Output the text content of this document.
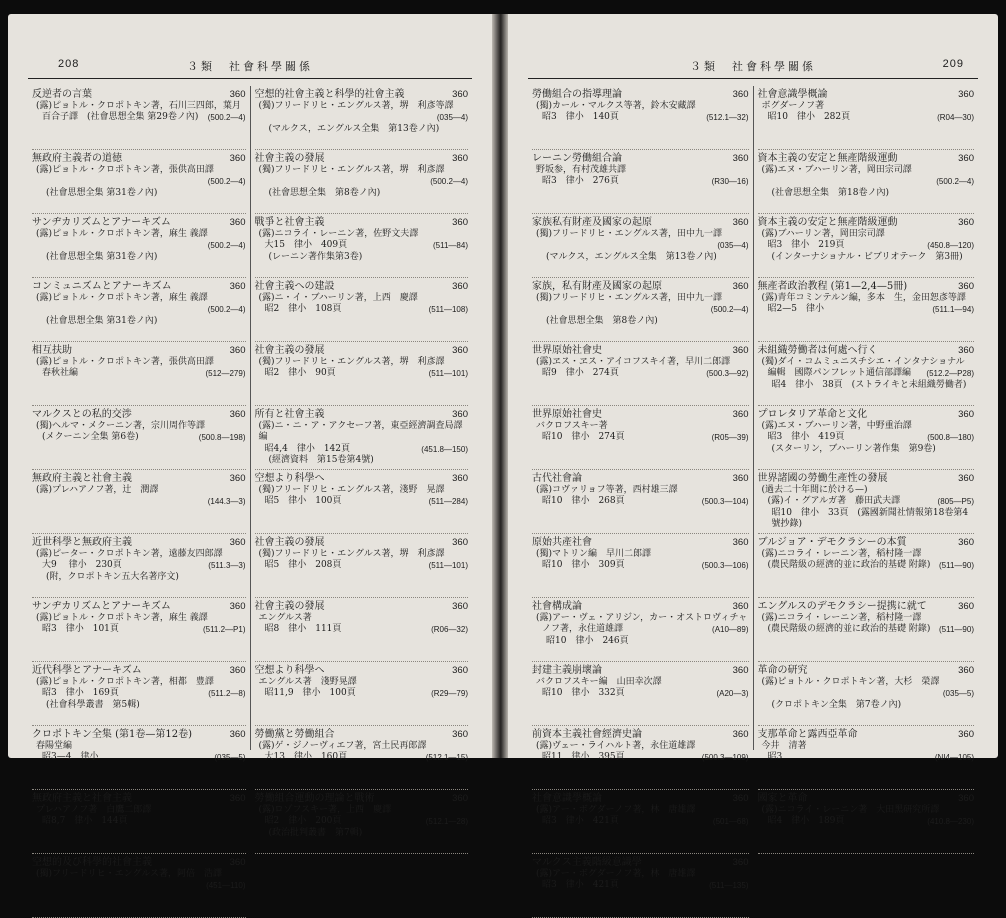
208	３類　社會科學關係
反逆者の言葉	360
(露)ピョトル・クロポトキン著，石川三四郎，葉月
百合子譯　(社會思想全集 第29卷ノ內) (500.2—4)
無政府主義者の道徳	360
(露)ピョトル・クロポトキン著，張供高田譯
(500.2—4)
(社會思想全集 第31卷ノ內)
サンヂカリズムとアナーキズム	360
(露)ピョトル・クロポトキン著，麻生 義譯
(500.2—4)
(社會思想全集 第31卷ノ內)
コンミュニズムとアナーキズム	360
(露)ピョトル・クロポトキン著，麻生 義譯
(500.2—4)
(社會思想全集 第31卷ノ內)
相互扶助	360
(露)ピョトル・クロポトキン著，張供高田譯
春秋社編	(512—279)
マルクスとの私的交渉	360
(獨)ヘルマ・メクーニン著，宗川周作等譯
(メクーニン全集 第6卷)	(500.8—198)
無政府主義と社會主義	360
(露)プレハアノフ著，辻　潤譯
(144.3—3)
近世科學と無政府主義	360
(露)ピーター・クロポトキン著，遠藤友四郎譯
大9 　律小　230頁	(511.3—3)
(附，クロポトキン五大名著序文)
サンヂカリズムとアナーキズム	360
(露)ピョトル・クロポトキン著，麻生 義譯
昭3　律小　101頁	(511.2—P1)
近代科學とアナーキズム	360
(露)ピョトル・クロポトキン著，相都　豊譯
昭3　律小　169頁	(511.2—8)
(社會科學叢書　第5輯)
クロポトキン全集 (第1卷—第12卷)	360
春陽堂編
昭3—4　律小	(035—5)
無政府主義と社會主義	360
プレハアノフ著　白鷹二郎譯
昭8,7　律小　144頁
空想的及び科學的社會主義	360
(獨)フリードリヒ・エングルス著，阿倍　浩譯
(451—110)
空想的社會主義と科學的社會主義	360
(獨)フリードリヒ・エングルス著，堺　利彥等譯
(035—4)
(マルクス，エングルス全集　第13卷ノ內)
社會主義の發展	360
(獨)フリードリヒ・エングルス著，堺　利彥譯
(500.2—4)
(社會思想全集　第8卷ノ內)
戰爭と社會主義	360
(露)ニコライ・レーニン著，佐野文夫譯
大15　律小　409頁	(511—84)
(レーニン著作集第3卷)
社會主義への建設	360
(露)ニ・イ・ブハーリン著，上西　慶譯
昭2　律小　108頁	(511—108)
社會主義の發展	360
(獨)フリードリヒ・エングルス著，堺　利彥譯
昭2　律小　90頁	(511—101)
所有と社會主義	360
(露)ニ・ニ・ア・アクセーフ著，東亞經濟調査局譯編
昭4,4　律小　142頁	(451.8—150)
(經濟資料　第15卷第4號)
空想より科學へ	360
(獨)フリードリヒ・エングルス著，淺野　晃譯
昭5　律小　100頁	(511—284)
社會主義の發展	360
(獨)フリードリヒ・エングルス著，堺　利彥譯
昭5　律小　208頁	(511—101)
社會主義の發展	360
エングルス著
昭8　律小　111頁	(R06—32)
空想より科學へ	360
エングルス著　淺野晃譯
昭11,9　律小　100頁	(R29—79)
勞働黨と勞働組合	360
(露)ゲ・ジノーヴィエフ著，宮土民再郎譯
大13　律小　160頁	(512.1—15)
勞働組合運動の理論と戰術	360
(露)ロゾフスキー著，上西　慶譯
昭2　律小　200頁	(512.1—28)
(政治批判叢書　第7輯)
３類　社會科學關係	209
勞働組合の指導理論	360
(獨)カール・マルクス等著，鈴木安藏譯
昭3　律小　140頁	(512.1—32)
レーニン勞働組合論	360
野坂参，有村茂雄共譯
昭3　律小　276頁	(R30—16)
家族私有財產及國家の起原	360
(獨)フリードリヒ・エングルス著，田中九一譯
(035—4)
(マルクス，エングルス全集　第13卷ノ內)
家族，私有財產及國家の起原	360
(獨)フリードリヒ・エングルス著，田中九一譯
(500.2—4)
(社會思想全集　第8卷ノ內)
世界原始社會史	360
(露)ヱス・ヱス・アイコフスキイ著，早川二郎譯
昭9　律小　274頁	(500.3—92)
世界原始社會史	360
バクロフスキー著
昭10　律小　274頁	(R05—39)
古代社會論	360
(露)コヴァリョフ等著，西村雄三譯
昭10　律小　268頁	(500.3—104)
原始共產社會	360
(獨)マトリン編　早川二郎譯
昭10　律小　309頁	(500.3—106)
社會構成論	360
(露)アー・ヴェ・アリジン，カー・オストロヴィチャ
ノフ著，永住道雄譯	(A10—89)
昭10　律小　246頁
封建主義崩壞論	360
バクロフスキー編　山田幸次譯
昭10　律小　332頁	(A20—3)
前資本主義社會經濟史論	360
(露)ヴェー・ライハルト著，永住道雄譯
昭11　律小　395頁	(500.3—109)
社會意識學概論	360
(露)アー・ボグダーノフ著，林　唐雄譯
昭3　律小　421頁	(501—68)
マルクス主義階級意識學	360
(露)アー・ボグダーノフ著，林　唐雄譯
昭3　律小　421頁	(511—135)
社會意識學概論	360
ボグダーノフ著
昭10　律小　282頁	(R04—30)
資本主義の安定と無產階級運動	360
(露)エヌ・ブハーリン著，岡田宗司譯
(500.2—4)
(社會思想全集　第18卷ノ內)
資本主義の安定と無產階級運動	360
(露)ブハーリン著，岡田宗司譯
昭3　律小　219頁	(450.8—120)
(インターナショナル・ビブリオテーク　第3冊)
無產者政治教程 (第1—2,4—5冊)	360
(露)青年コミンテルン編，多本　生，金田恕彥等譯
昭2—5　律小	(511.1—94)
未組織勞働者は何處へ行く	360
(獨)ダイ・コムミュニスチシエ・インタナショナル
編輯　國際パンフレット通信部譯編 (512.2—P28)
昭4　律小　38頁　(ストライキと未組織勞働者)
プロレタリア革命と文化	360
(露)エヌ・ブハーリン著，中野重治譯
昭3　律小　419頁	(500.8—180)
(スターリン，ブハーリン著作集　第9卷)
世界諸國の勞働生產性の發展	360
(過去二十年間に於ける—)
(露)イ・グアルガ著　藤田武夫譯	(805—P5)
昭10　律小　33頁　(露國新聞社情報第18卷第4號抄錄)
ブルジョア・デモクラシーの本質	360
(露)ニコライ・レーニン著，稻村隆一譯
(農民階級の經濟的並に政治的基礎 附錄) (511—90)
エングルスのデモクラシー提携に就て	360
(露)ニコライ・レーニン著，稻村隆一譯
(農民階級の經濟的並に政治的基礎 附錄) (511—90)
革命の研究	360
(露)ピョトル・クロポトキン著，大杉　榮譯
(035—5)
(クロポトキン全集　第7卷ノ內)
支那革命と露西亞革命	360
今井　清著
昭3	(NI4—105)
國家と革命	360
(露)ニコライ・レーニン著　大田黑研究所譯
昭4　律小　189頁	(410.8—230)
